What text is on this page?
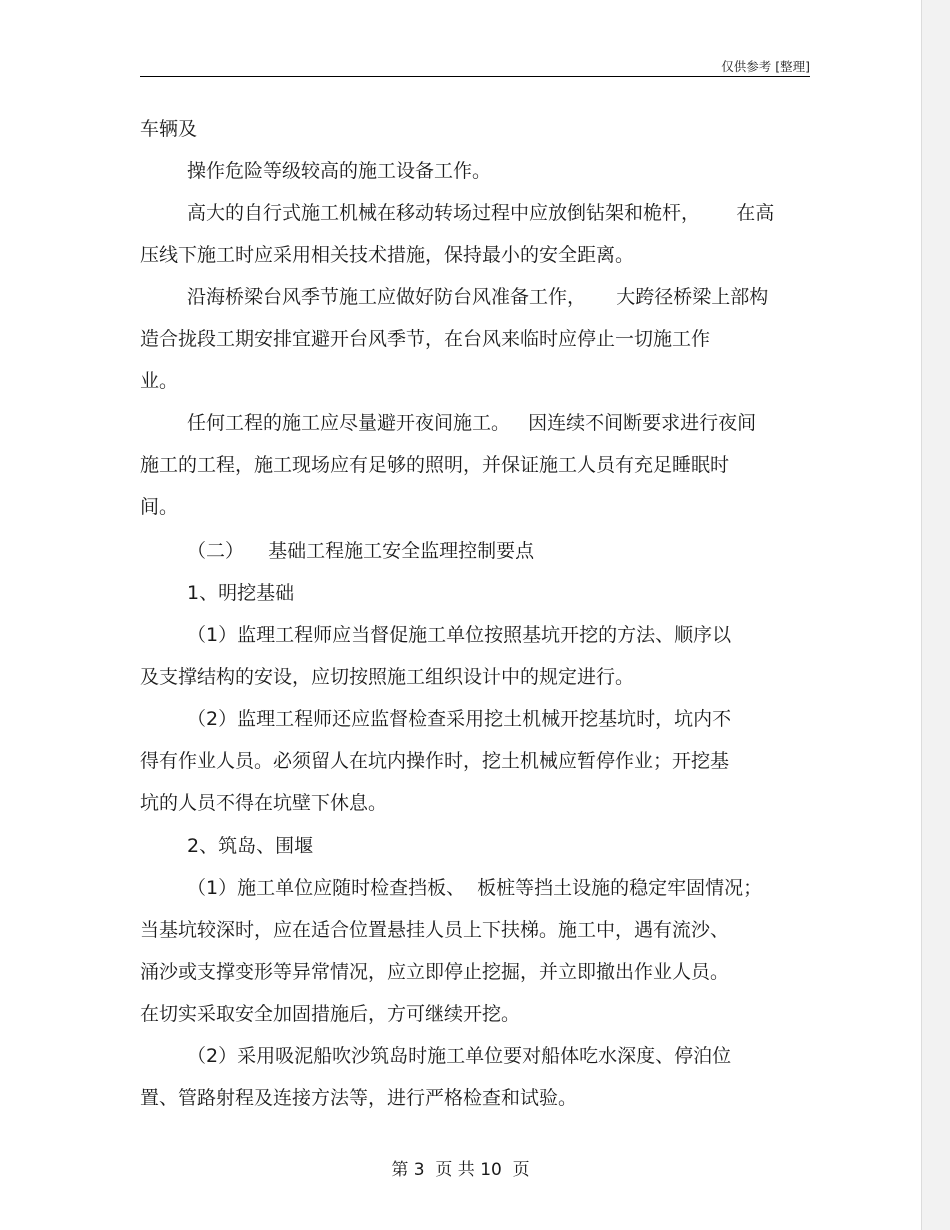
仅供参考 [整理]
车辆及
操作危险等级较高的施工设备工作。
高大的自行式施工机械在移动转场过程中应放倒钻架和桅杆，      在高
压线下施工时应采用相关技术措施，保持最小的安全距离。
沿海桥梁台风季节施工应做好防台风准备工作，     大跨径桥梁上部构
造合拢段工期安排宜避开台风季节，在台风来临时应停止一切施工作
业。
任何工程的施工应尽量避开夜间施工。   因连续不间断要求进行夜间
施工的工程，施工现场应有足够的照明，并保证施工人员有充足睡眠时
间。
（二）    基础工程施工安全监理控制要点
1、明挖基础
（1）监理工程师应当督促施工单位按照基坑开挖的方法、顺序以
及支撑结构的安设，应切按照施工组织设计中的规定进行。
（2）监理工程师还应监督检查采用挖土机械开挖基坑时，坑内不
得有作业人员。必须留人在坑内操作时，挖土机械应暂停作业；开挖基
坑的人员不得在坑壁下休息。
2、筑岛、围堰
（1）施工单位应随时检查挡板、  板桩等挡土设施的稳定牢固情况；
当基坑较深时，应在适合位置悬挂人员上下扶梯。施工中，遇有流沙、
涌沙或支撑变形等异常情况，应立即停止挖掘，并立即撤出作业人员。
在切实采取安全加固措施后，方可继续开挖。
（2）采用吸泥船吹沙筑岛时施工单位要对船体吃水深度、停泊位
置、管路射程及连接方法等，进行严格检查和试验。
第 3  页 共 10  页
